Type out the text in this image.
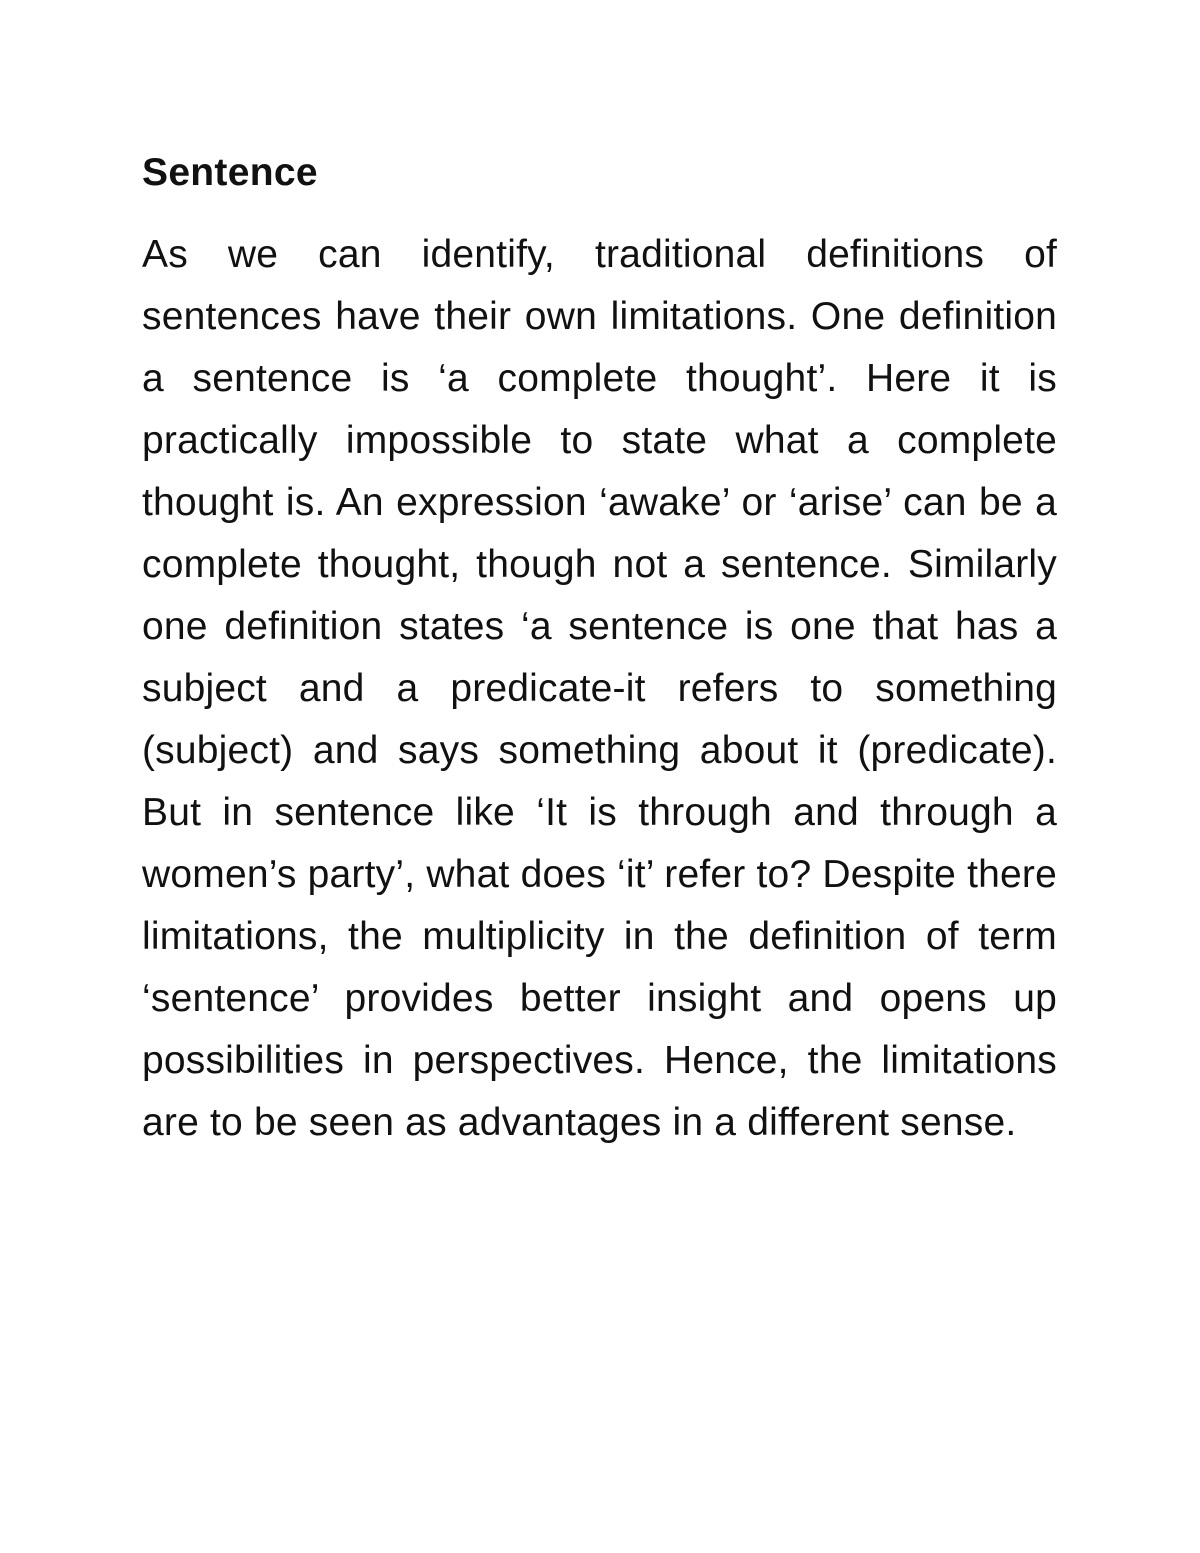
Sentence

As we can identify, traditional definitions of sentences have their own limitations. One definition a sentence is ‘a complete thought’. Here it is practically impossible to state what a complete thought is. An expression ‘awake’ or ‘arise’ can be a complete thought, though not a sentence. Similarly one definition states ‘a sentence is one that has a subject and a predicate-it refers to something (subject) and says something about it (predicate). But in sentence like ‘It is through and through a women’s party’, what does ‘it’ refer to? Despite there limitations, the multiplicity in the definition of term ‘sentence’ provides better insight and opens up possibilities in perspectives. Hence, the limitations are to be seen as advantages in a different sense.
